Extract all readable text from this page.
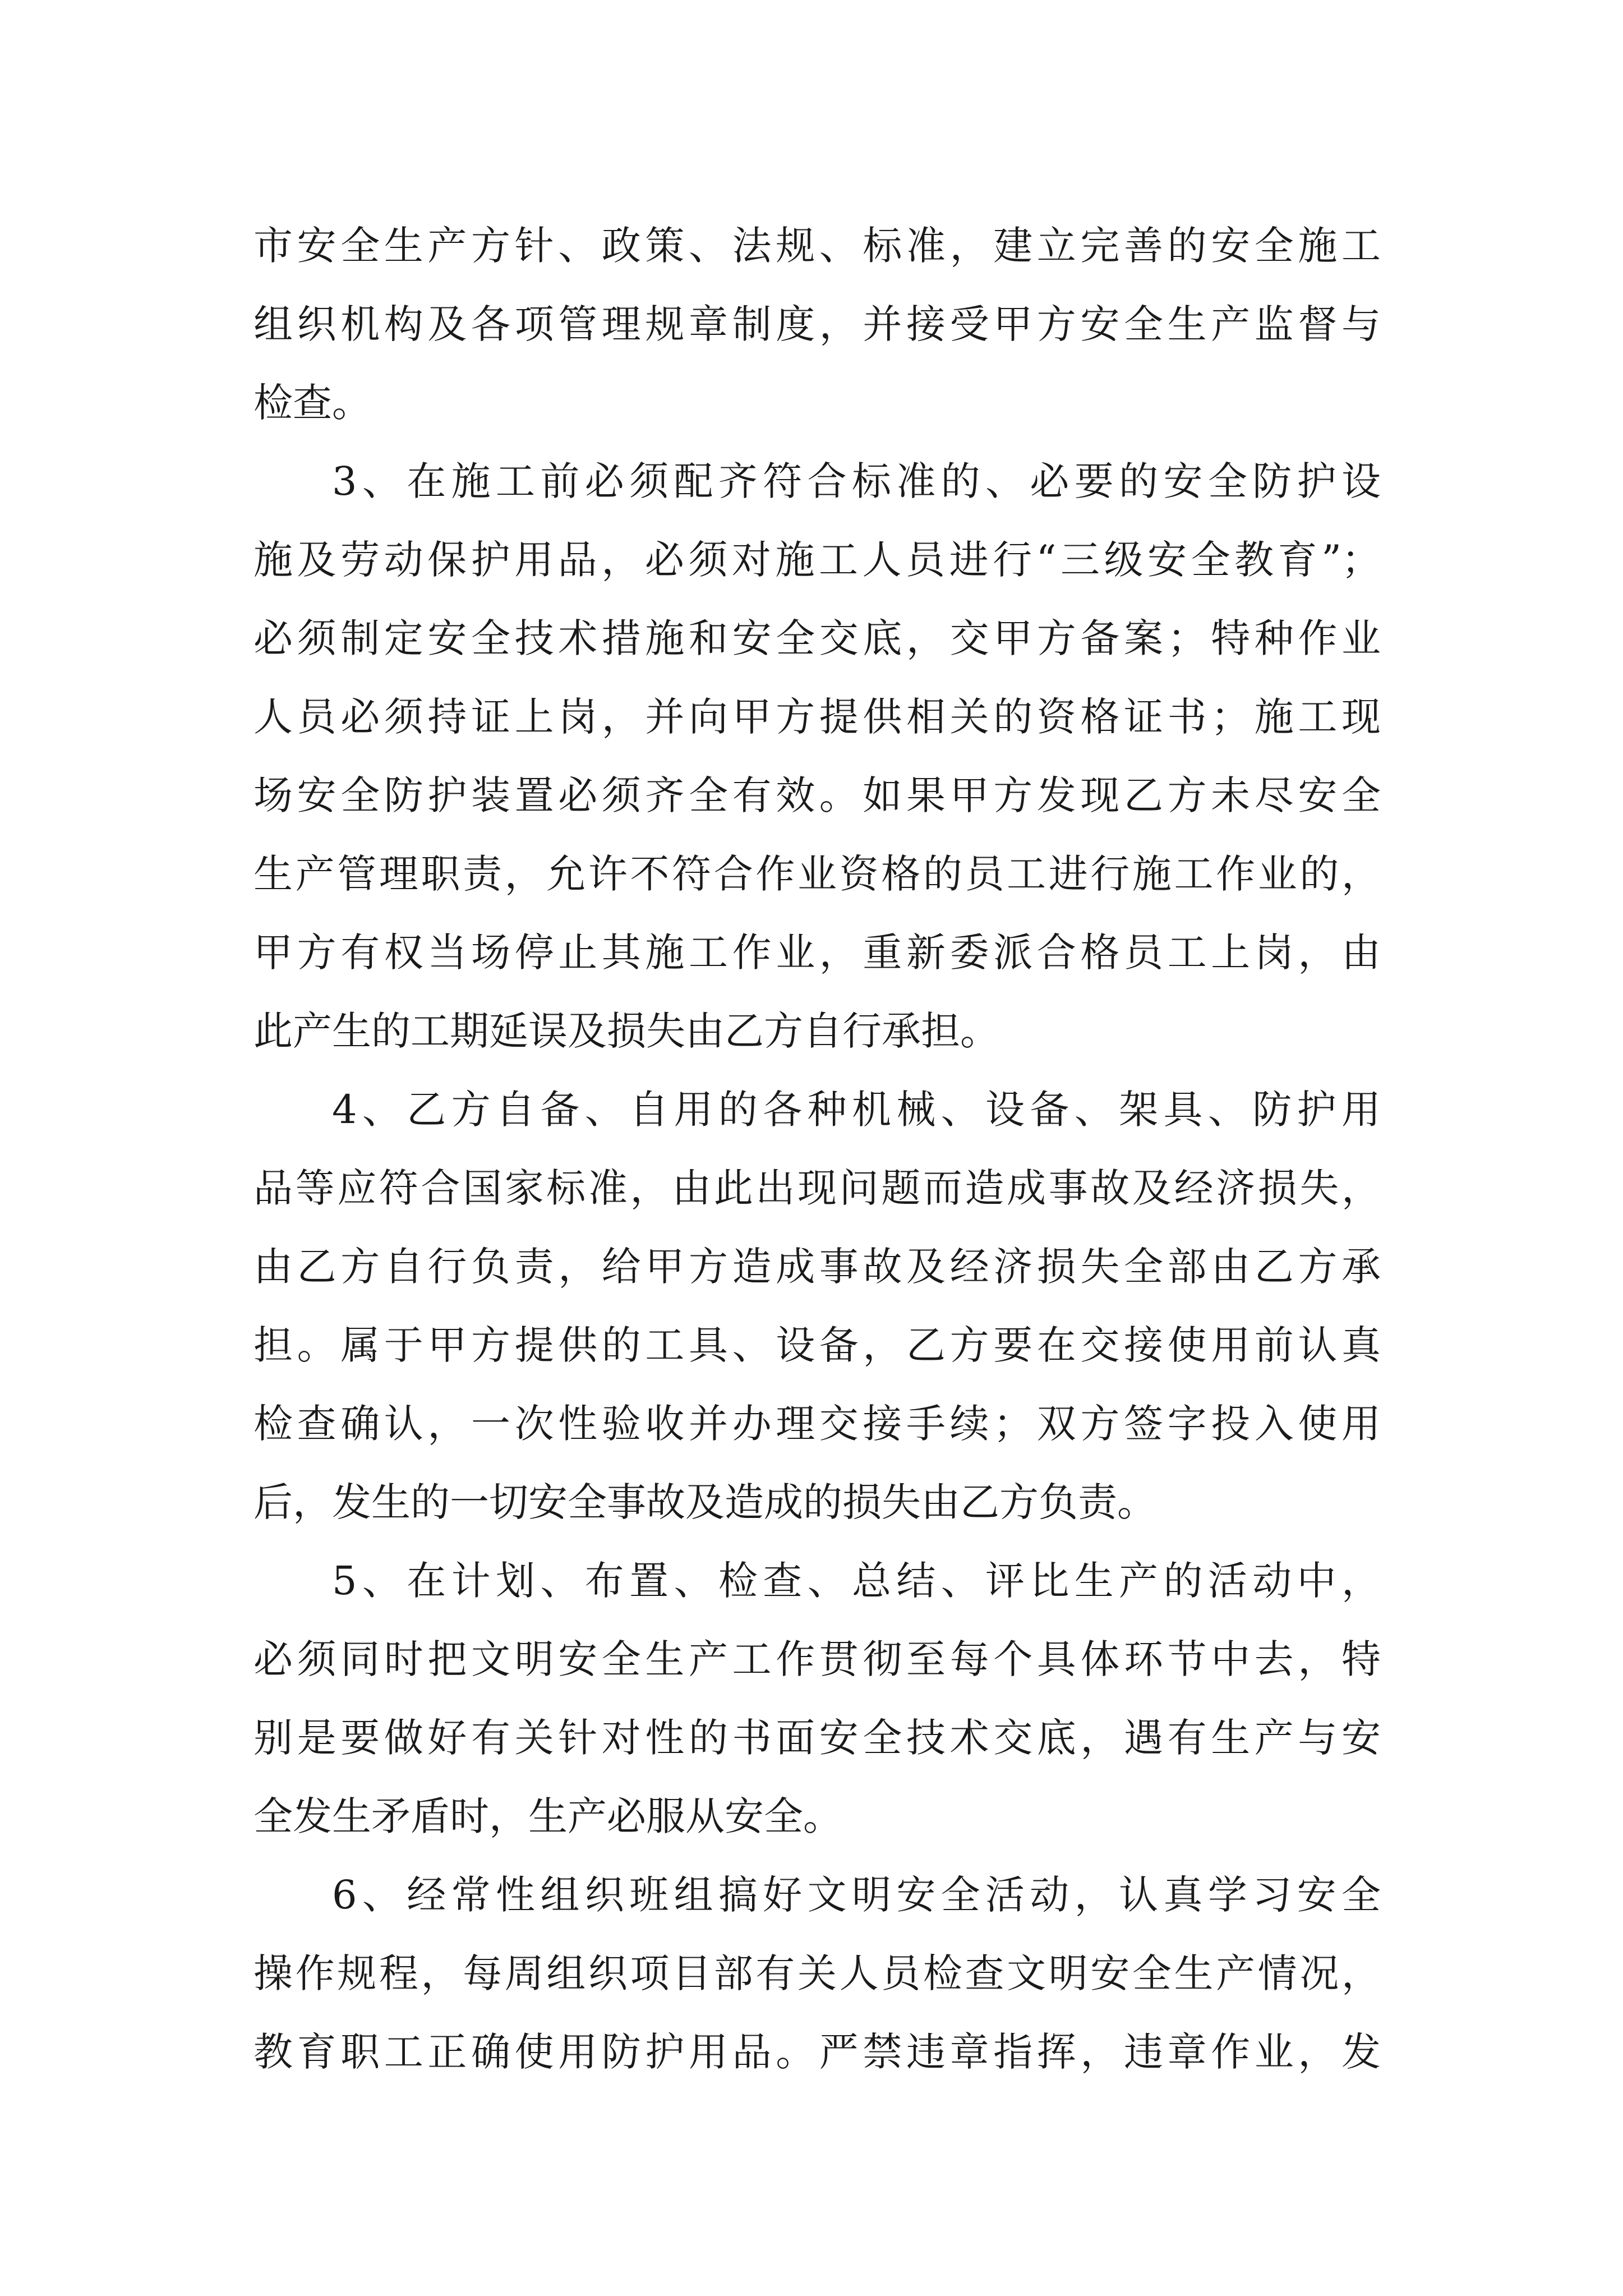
市安全生产方针、政策、法规、标准，建立完善的安全施工

组织机构及各项管理规章制度，并接受甲方安全生产监督与

检查。

3、在施工前必须配齐符合标准的、必要的安全防护设

施及劳动保护用品，必须对施工人员进行“三级安全教育”；

必须制定安全技术措施和安全交底，交甲方备案；特种作业

人员必须持证上岗，并向甲方提供相关的资格证书；施工现

场安全防护装置必须齐全有效。如果甲方发现乙方未尽安全

生产管理职责，允许不符合作业资格的员工进行施工作业的，

甲方有权当场停止其施工作业，重新委派合格员工上岗，由

此产生的工期延误及损失由乙方自行承担。

4、乙方自备、自用的各种机械、设备、架具、防护用

品等应符合国家标准，由此出现问题而造成事故及经济损失，

由乙方自行负责，给甲方造成事故及经济损失全部由乙方承

担。属于甲方提供的工具、设备，乙方要在交接使用前认真

检查确认，一次性验收并办理交接手续；双方签字投入使用

后，发生的一切安全事故及造成的损失由乙方负责。

5、在计划、布置、检查、总结、评比生产的活动中，

必须同时把文明安全生产工作贯彻至每个具体环节中去，特

别是要做好有关针对性的书面安全技术交底，遇有生产与安

全发生矛盾时，生产必服从安全。

6、经常性组织班组搞好文明安全活动，认真学习安全

操作规程，每周组织项目部有关人员检查文明安全生产情况，

教育职工正确使用防护用品。严禁违章指挥，违章作业，发
